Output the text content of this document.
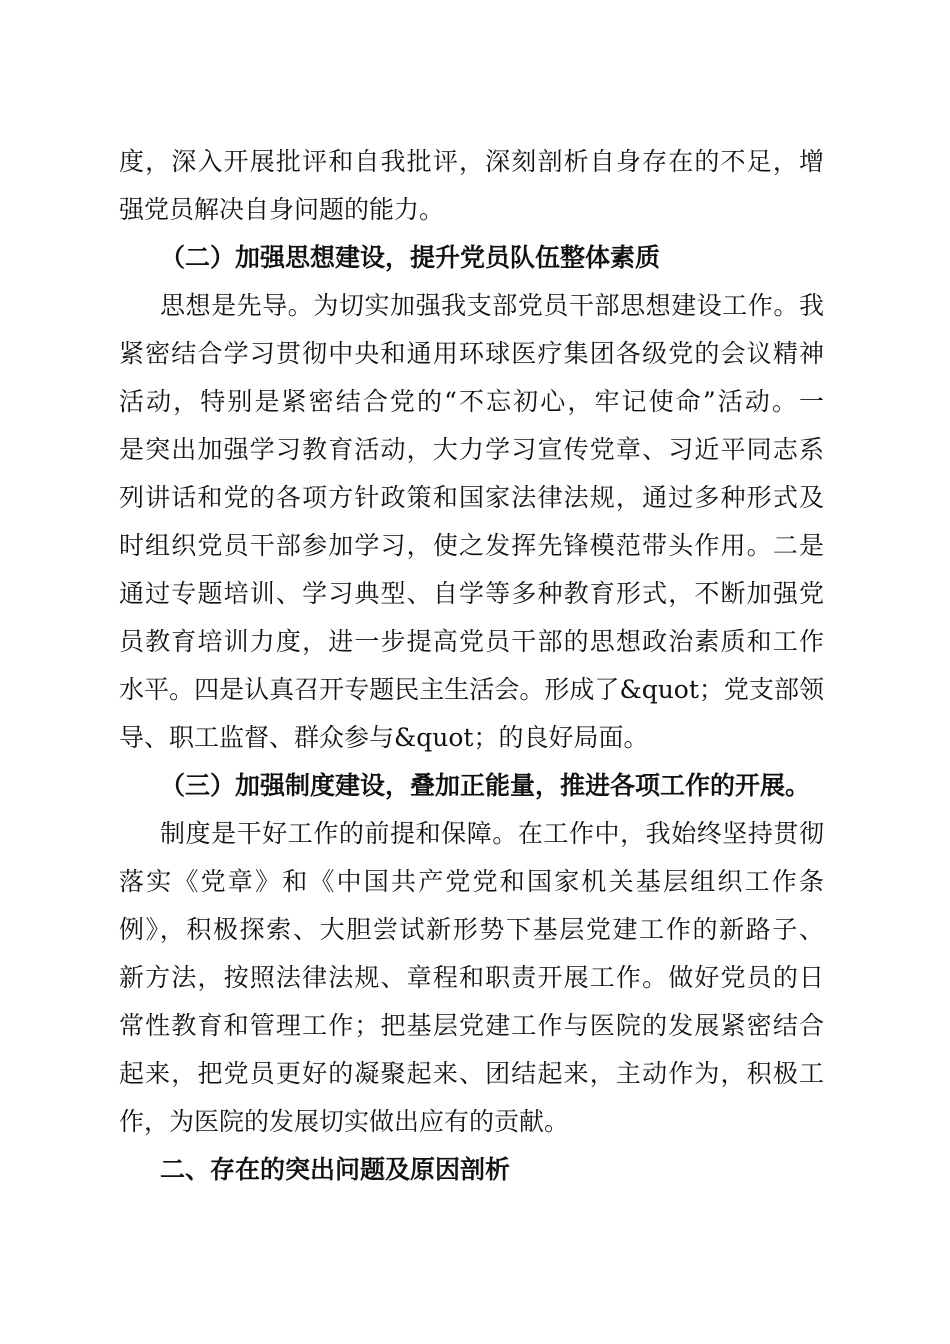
度，深入开展批评和自我批评，深刻剖析自身存在的不足，增
强党员解决自身问题的能力。
（二）加强思想建设，提升党员队伍整体素质
思想是先导。为切实加强我支部党员干部思想建设工作。我
紧密结合学习贯彻中央和通用环球医疗集团各级党的会议精神
活动，特别是紧密结合党的“不忘初心，牢记使命”活动。一
是突出加强学习教育活动，大力学习宣传党章、习近平同志系
列讲话和党的各项方针政策和国家法律法规，通过多种形式及
时组织党员干部参加学习，使之发挥先锋模范带头作用。二是
通过专题培训、学习典型、自学等多种教育形式，不断加强党
员教育培训力度，进一步提高党员干部的思想政治素质和工作
水平。四是认真召开专题民主生活会。形成了&quot；党支部领
导、职工监督、群众参与&quot；的良好局面。
（三）加强制度建设，叠加正能量，推进各项工作的开展。
制度是干好工作的前提和保障。在工作中，我始终坚持贯彻
落实《党章》和《中国共产党党和国家机关基层组织工作条
例》，积极探索、大胆尝试新形势下基层党建工作的新路子、
新方法，按照法律法规、章程和职责开展工作。做好党员的日
常性教育和管理工作；把基层党建工作与医院的发展紧密结合
起来，把党员更好的凝聚起来、团结起来，主动作为，积极工
作，为医院的发展切实做出应有的贡献。
二、存在的突出问题及原因剖析
